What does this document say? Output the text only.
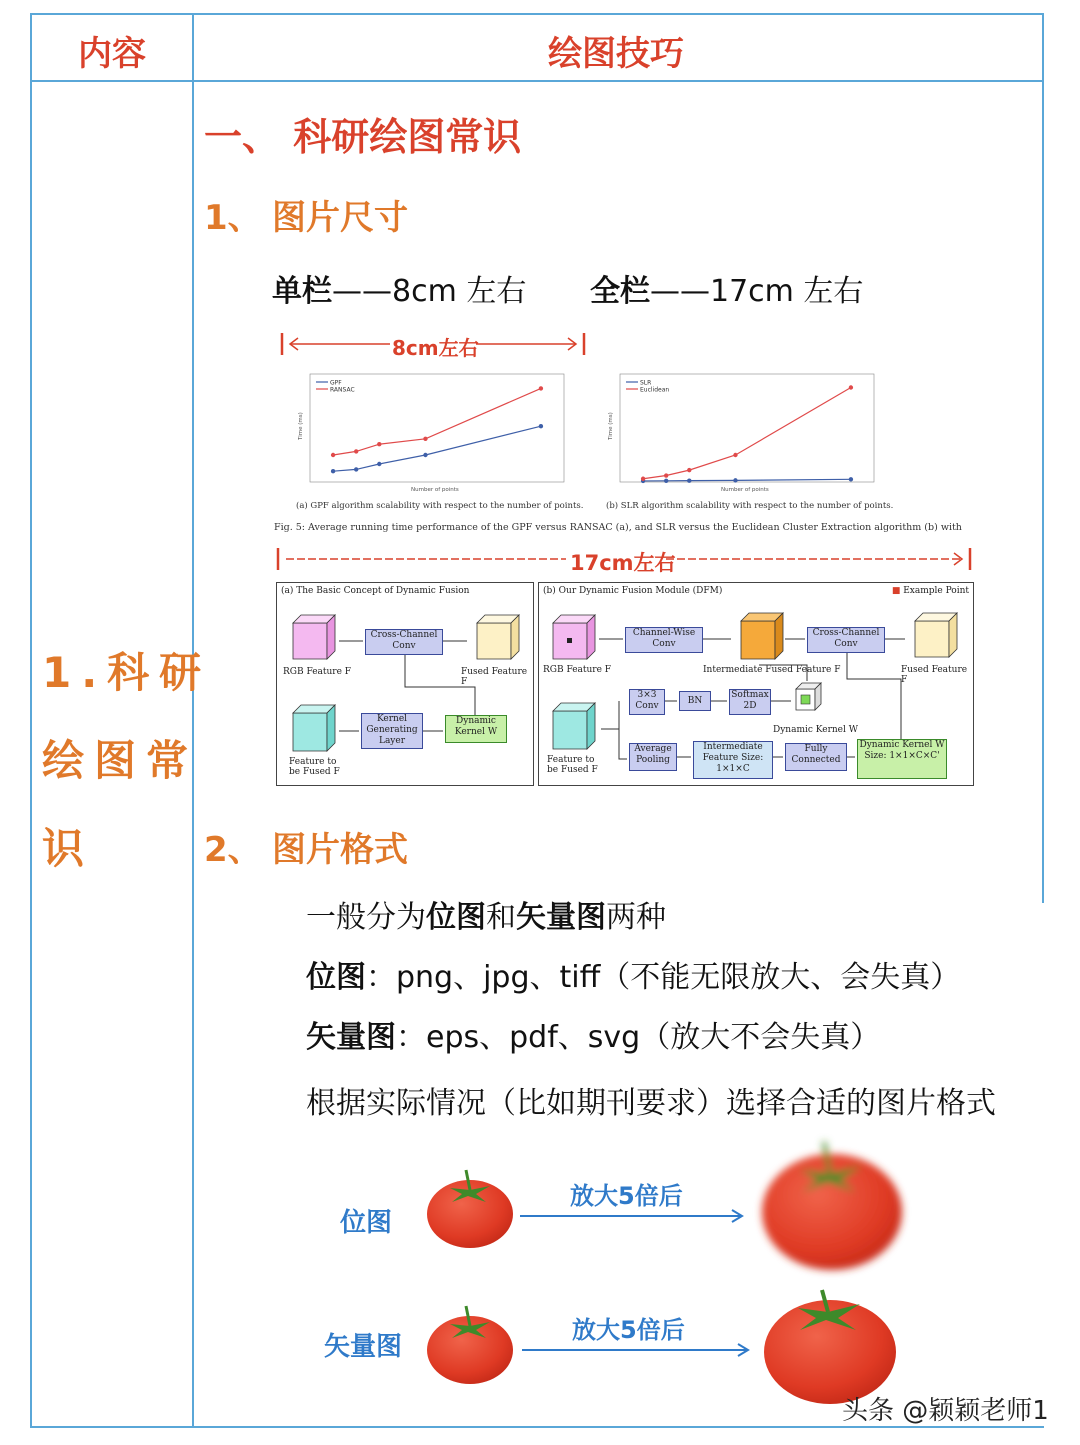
内容	绘图技巧
1.科研
绘图常
识
一、 科研绘图常识
1、 图片尺寸
单栏——8cm 左右 全栏——17cm 左右
8cm左右
GPF
RANSAC
Number of points
Time (ms)
(a) GPF algorithm scalability with respect to the number of points.
SLR
Euclidean
Number of points
Time (ms)
(b) SLR algorithm scalability with respect to the number of points.
Fig. 5: Average running time performance of the GPF versus RANSAC (a), and SLR versus the Euclidean Cluster Extraction algorithm (b) with
17cm左右
(a) The Basic Concept of Dynamic Fusion
RGB Feature F
Cross-Channel Conv
Fused Feature F
Feature to be Fused F
Kernel Generating Layer
Dynamic Kernel W
(b) Our Dynamic Fusion Module (DFM)	■ Example Point
RGB Feature F
Channel-Wise Conv
Intermediate Fused Feature F
Cross-Channel Conv
Fused Feature F
Feature to be Fused F
3×3 Conv	BN
Softmax 2D
Dynamic Kernel W
Average Pooling
Intermediate Feature Size: 1×1×C
Fully Connected
Dynamic Kernel W Size: 1×1×C×C'
2、 图片格式
一般分为位图和矢量图两种
位图：png、jpg、tiff（不能无限放大、会失真）
矢量图：eps、pdf、svg（放大不会失真）
根据实际情况（比如期刊要求）选择合适的图片格式
位图
放大5倍后
矢量图
放大5倍后
头条 @颖颖老师1
